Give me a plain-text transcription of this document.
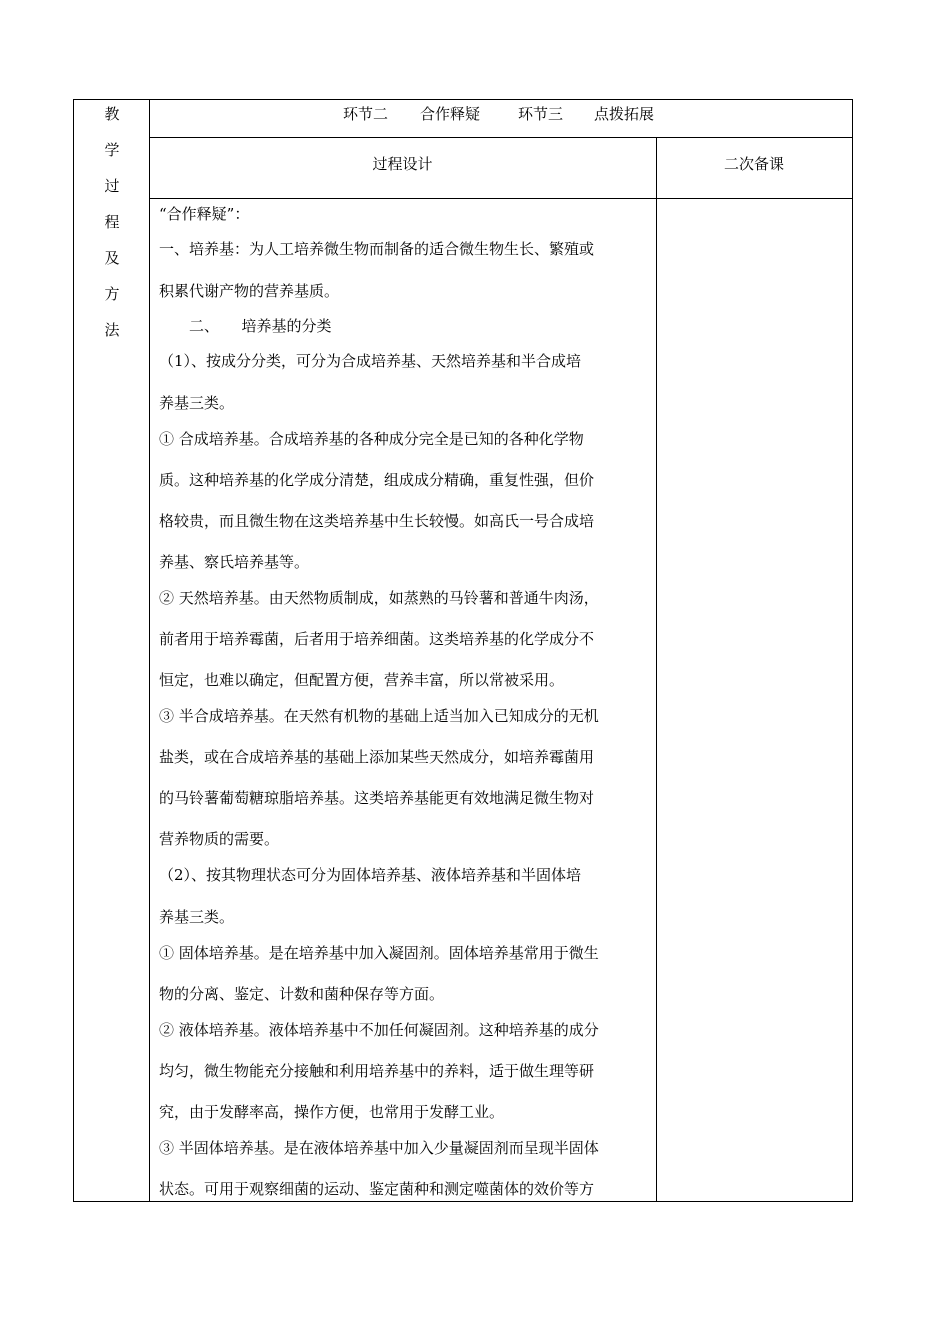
教
学
过
程
及
方
法
环节二 合作释疑	环节三 点拨拓展
过程设计	二次备课
“合作释疑”：
一、培养基：为人工培养微生物而制备的适合微生物生长、繁殖或
积累代谢产物的营养基质。
　　二、　　培养基的分类
（1）、按成分分类，可分为合成培养基、天然培养基和半合成培
养基三类。
① 合成培养基。合成培养基的各种成分完全是已知的各种化学物
质。这种培养基的化学成分清楚，组成成分精确，重复性强，但价
格较贵，而且微生物在这类培养基中生长较慢。如高氏一号合成培
养基、察氏培养基等。
② 天然培养基。由天然物质制成，如蒸熟的马铃薯和普通牛肉汤，
前者用于培养霉菌，后者用于培养细菌。这类培养基的化学成分不
恒定，也难以确定，但配置方便，营养丰富，所以常被采用。
③ 半合成培养基。在天然有机物的基础上适当加入已知成分的无机
盐类，或在合成培养基的基础上添加某些天然成分，如培养霉菌用
的马铃薯葡萄糖琼脂培养基。这类培养基能更有效地满足微生物对
营养物质的需要。
（2）、按其物理状态可分为固体培养基、液体培养基和半固体培
养基三类。
① 固体培养基。是在培养基中加入凝固剂。固体培养基常用于微生
物的分离、鉴定、计数和菌种保存等方面。
② 液体培养基。液体培养基中不加任何凝固剂。这种培养基的成分
均匀，微生物能充分接触和利用培养基中的养料，适于做生理等研
究，由于发酵率高，操作方便，也常用于发酵工业。
③ 半固体培养基。是在液体培养基中加入少量凝固剂而呈现半固体
状态。可用于观察细菌的运动、鉴定菌种和测定噬菌体的效价等方
